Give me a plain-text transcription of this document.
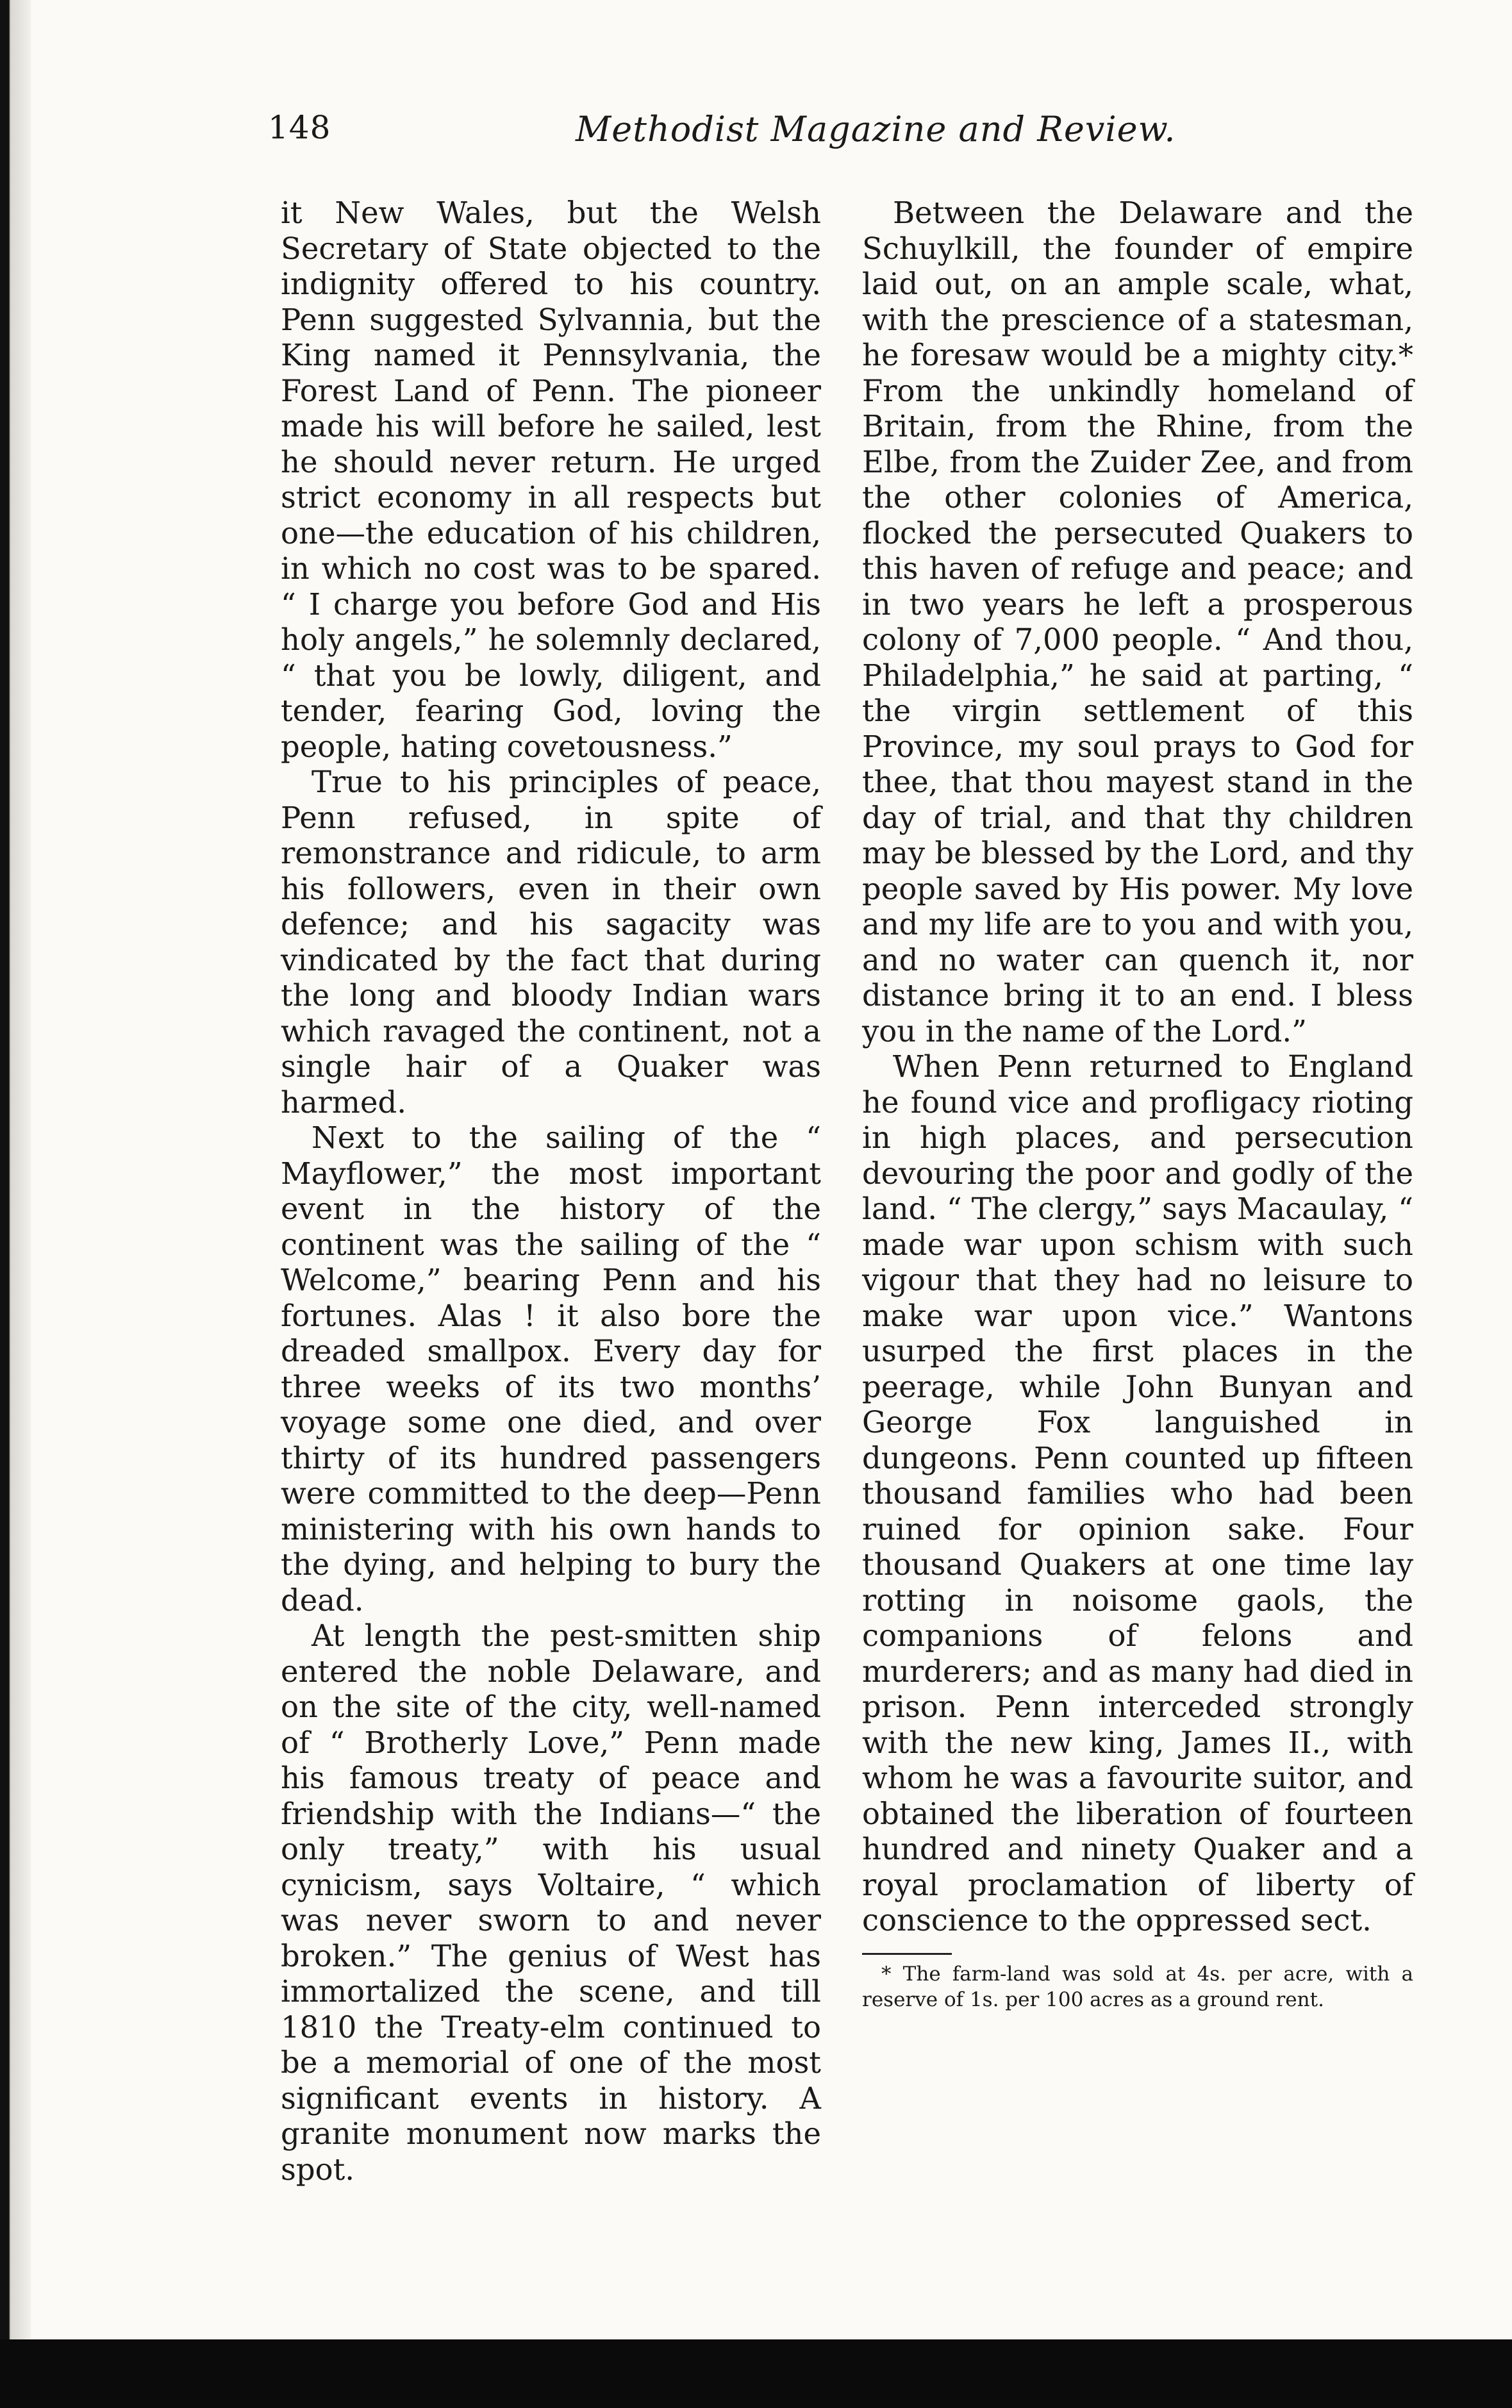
148	Methodist Magazine and Review.

it New Wales, but the Welsh Secretary of State objected to the indignity offered to his country. Penn suggested Sylvannia, but the King named it Pennsylvania, the Forest Land of Penn. The pioneer made his will before he sailed, lest he should never return. He urged strict economy in all respects but one—the education of his children, in which no cost was to be spared. “ I charge you before God and His holy angels,” he solemnly declared, “ that you be lowly, diligent, and tender, fearing God, loving the people, hating covetousness.”

True to his principles of peace, Penn refused, in spite of remonstrance and ridicule, to arm his followers, even in their own defence; and his sagacity was vindicated by the fact that during the long and bloody Indian wars which ravaged the continent, not a single hair of a Quaker was harmed.

Next to the sailing of the “ Mayflower,” the most important event in the history of the continent was the sailing of the “ Welcome,” bearing Penn and his fortunes. Alas ! it also bore the dreaded smallpox. Every day for three weeks of its two months’ voyage some one died, and over thirty of its hundred passengers were committed to the deep—Penn ministering with his own hands to the dying, and helping to bury the dead.

At length the pest-smitten ship entered the noble Delaware, and on the site of the city, well-named of “ Brotherly Love,” Penn made his famous treaty of peace and friendship with the Indians—“ the only treaty,” with his usual cynicism, says Voltaire, “ which was never sworn to and never broken.” The genius of West has immortalized the scene, and till 1810 the Treaty-elm continued to be a memorial of one of the most significant events in history. A granite monument now marks the spot.

Between the Delaware and the Schuylkill, the founder of empire laid out, on an ample scale, what, with the prescience of a statesman, he foresaw would be a mighty city.* From the unkindly homeland of Britain, from the Rhine, from the Elbe, from the Zuider Zee, and from the other colonies of America, flocked the persecuted Quakers to this haven of refuge and peace; and in two years he left a prosperous colony of 7,000 people. “ And thou, Philadelphia,” he said at parting, “ the virgin settlement of this Province, my soul prays to God for thee, that thou mayest stand in the day of trial, and that thy children may be blessed by the Lord, and thy people saved by His power. My love and my life are to you and with you, and no water can quench it, nor distance bring it to an end. I bless you in the name of the Lord.”

When Penn returned to England he found vice and profligacy rioting in high places, and persecution devouring the poor and godly of the land. “ The clergy,” says Macaulay, “ made war upon schism with such vigour that they had no leisure to make war upon vice.” Wantons usurped the first places in the peerage, while John Bunyan and George Fox languished in dungeons. Penn counted up fifteen thousand families who had been ruined for opinion sake. Four thousand Quakers at one time lay rotting in noisome gaols, the companions of felons and murderers; and as many had died in prison. Penn interceded strongly with the new king, James II., with whom he was a favourite suitor, and obtained the liberation of fourteen hundred and ninety Quaker and a royal proclamation of liberty of conscience to the oppressed sect.

* The farm-land was sold at 4s. per acre, with a reserve of 1s. per 100 acres as a ground rent.
